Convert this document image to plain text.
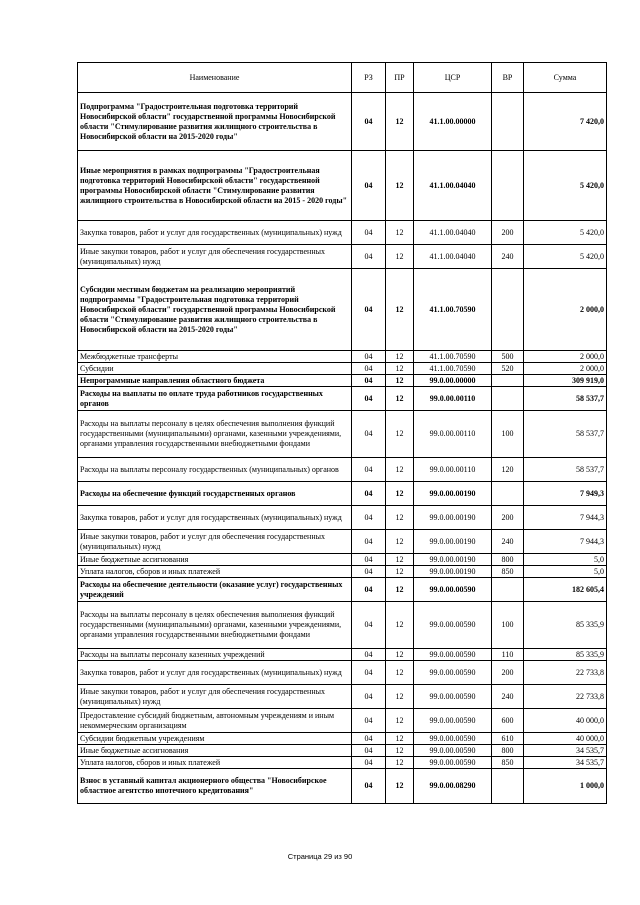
Наименование	РЗ	ПР	ЦСР	ВР	Сумма
Подпрограмма "Градостроительная подготовка территорий Новосибирской области" государственной программы Новосибирской области "Стимулирование развития жилищного строительства в Новосибирской области на 2015-2020 годы"	04	12	41.1.00.00000		7 420,0
Иные мероприятия в рамках подпрограммы "Градостроительная подготовка территорий Новосибирской области" государственной программы Новосибирской области "Стимулирование развития жилищного строительства в Новосибирской области на 2015 - 2020 годы"	04	12	41.1.00.04040		5 420,0
Закупка товаров, работ и услуг для государственных (муниципальных) нужд	04	12	41.1.00.04040	200	5 420,0
Иные закупки товаров, работ и услуг для обеспечения государственных (муниципальных) нужд	04	12	41.1.00.04040	240	5 420,0
Субсидии местным бюджетам на реализацию мероприятий подпрограммы "Градостроительная подготовка территорий Новосибирской области" государственной программы Новосибирской области "Стимулирование развития жилищного строительства в Новосибирской области на 2015-2020 годы"	04	12	41.1.00.70590		2 000,0
Межбюджетные трансферты	04	12	41.1.00.70590	500	2 000,0
Субсидии	04	12	41.1.00.70590	520	2 000,0
Непрограммные направления областного бюджета	04	12	99.0.00.00000		309 919,0
Расходы на выплаты по оплате труда работников государственных органов	04	12	99.0.00.00110		58 537,7
Расходы на выплаты персоналу в целях обеспечения выполнения функций государственными (муниципальными) органами, казенными учреждениями, органами управления государственными внебюджетными фондами	04	12	99.0.00.00110	100	58 537,7
Расходы на выплаты персоналу государственных (муниципальных) органов	04	12	99.0.00.00110	120	58 537,7
Расходы на обеспечение функций государственных органов	04	12	99.0.00.00190		7 949,3
Закупка товаров, работ и услуг для государственных (муниципальных) нужд	04	12	99.0.00.00190	200	7 944,3
Иные закупки товаров, работ и услуг для обеспечения государственных (муниципальных) нужд	04	12	99.0.00.00190	240	7 944,3
Иные бюджетные ассигнования	04	12	99.0.00.00190	800	5,0
Уплата налогов, сборов и иных платежей	04	12	99.0.00.00190	850	5,0
Расходы на обеспечение деятельности (оказание услуг) государственных учреждений	04	12	99.0.00.00590		182 605,4
Расходы на выплаты персоналу в целях обеспечения выполнения функций государственными (муниципальными) органами, казенными учреждениями, органами управления государственными внебюджетными фондами	04	12	99.0.00.00590	100	85 335,9
Расходы на выплаты персоналу казенных учреждений	04	12	99.0.00.00590	110	85 335,9
Закупка товаров, работ и услуг для государственных (муниципальных) нужд	04	12	99.0.00.00590	200	22 733,8
Иные закупки товаров, работ и услуг для обеспечения государственных (муниципальных) нужд	04	12	99.0.00.00590	240	22 733,8
Предоставление субсидий бюджетным, автономным учреждениям и иным некоммерческим организациям	04	12	99.0.00.00590	600	40 000,0
Субсидии бюджетным учреждениям	04	12	99.0.00.00590	610	40 000,0
Иные бюджетные ассигнования	04	12	99.0.00.00590	800	34 535,7
Уплата налогов, сборов и иных платежей	04	12	99.0.00.00590	850	34 535,7
Взнос в уставный капитал акционерного общества "Новосибирское областное агентство ипотечного кредитования"	04	12	99.0.00.08290		1 000,0
Страница 29 из 90
